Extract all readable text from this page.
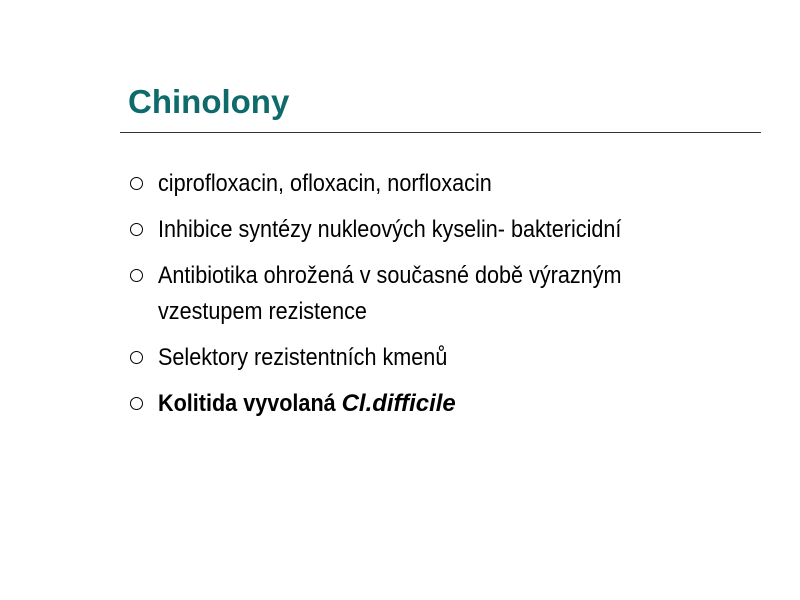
Chinolony
ciprofloxacin, ofloxacin, norfloxacin
Inhibice syntézy nukleových kyselin- baktericidní
Antibiotika ohrožená v současné době výrazným vzestupem rezistence
Selektory rezistentních kmenů
Kolitida vyvolaná Cl.difficile
